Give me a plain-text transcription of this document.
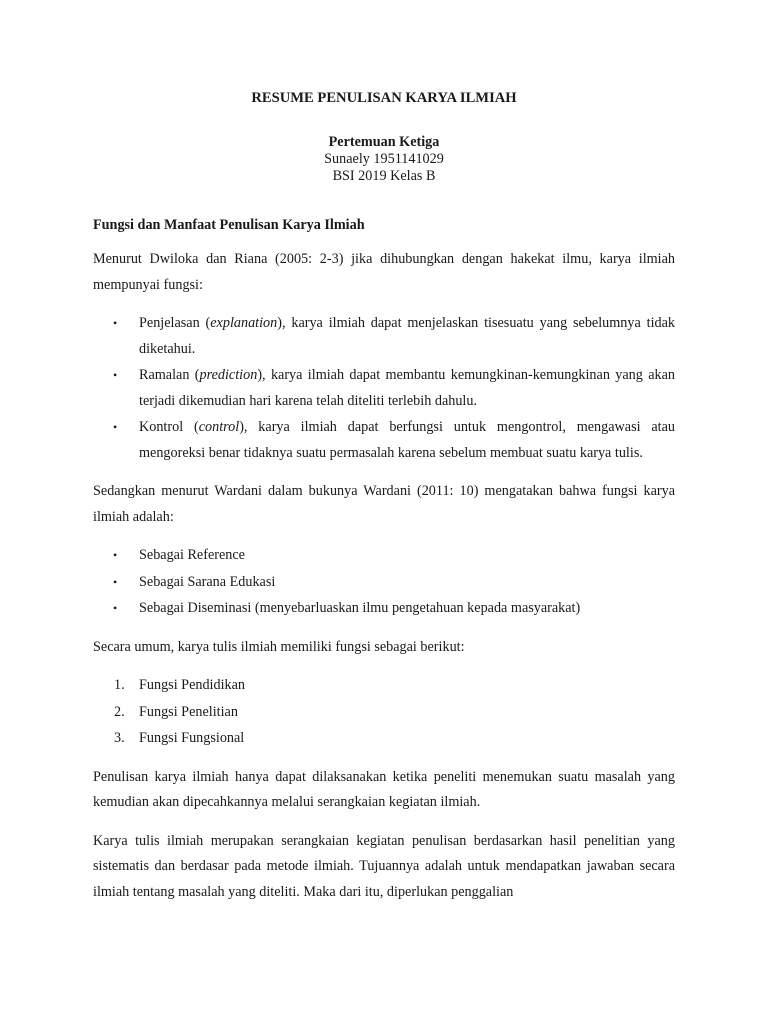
RESUME PENULISAN KARYA ILMIAH
Pertemuan Ketiga
Sunaely 1951141029
BSI 2019 Kelas B
Fungsi dan Manfaat Penulisan Karya Ilmiah

Menurut Dwiloka dan Riana (2005: 2-3) jika dihubungkan dengan hakekat ilmu, karya ilmiah mempunyai fungsi:

• Penjelasan (explanation), karya ilmiah dapat menjelaskan tisesuatu yang sebelumnya tidak diketahui.
• Ramalan (prediction), karya ilmiah dapat membantu kemungkinan-kemungkinan yang akan terjadi dikemudian hari karena telah diteliti terlebih dahulu.
• Kontrol (control), karya ilmiah dapat berfungsi untuk mengontrol, mengawasi atau mengoreksi benar tidaknya suatu permasalah karena sebelum membuat suatu karya tulis.

Sedangkan menurut Wardani dalam bukunya Wardani (2011: 10) mengatakan bahwa fungsi karya ilmiah adalah:

• Sebagai Reference
• Sebagai Sarana Edukasi
• Sebagai Diseminasi (menyebarluaskan ilmu pengetahuan kepada masyarakat)

Secara umum, karya tulis ilmiah memiliki fungsi sebagai berikut:

1. Fungsi Pendidikan
2. Fungsi Penelitian
3. Fungsi Fungsional

Penulisan karya ilmiah hanya dapat dilaksanakan ketika peneliti menemukan suatu masalah yang kemudian akan dipecahkannya melalui serangkaian kegiatan ilmiah.

Karya tulis ilmiah merupakan serangkaian kegiatan penulisan berdasarkan hasil penelitian yang sistematis dan berdasar pada metode ilmiah. Tujuannya adalah untuk mendapatkan jawaban secara ilmiah tentang masalah yang diteliti. Maka dari itu, diperlukan penggalian
